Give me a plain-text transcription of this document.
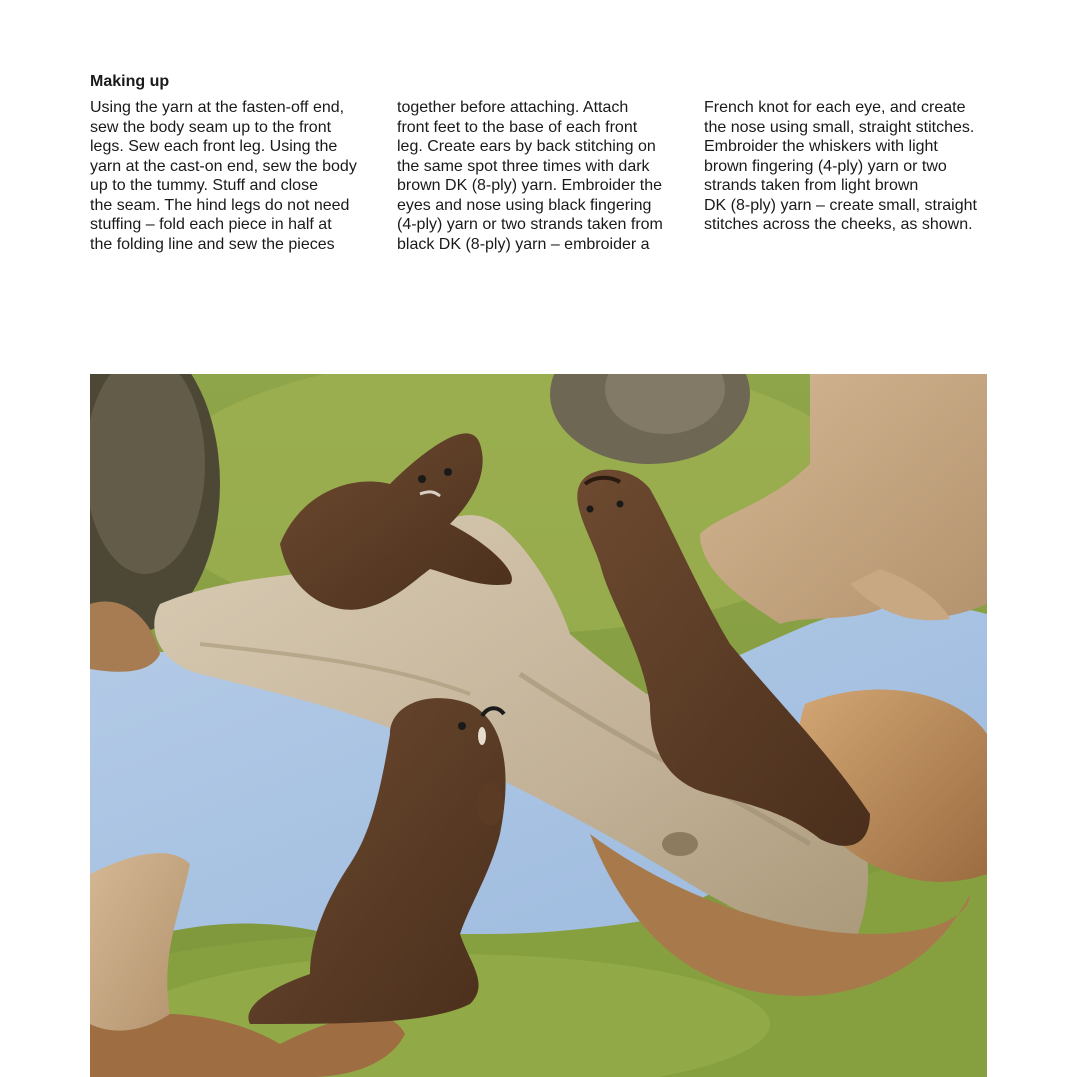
Making up
Using the yarn at the fasten-off end,
sew the body seam up to the front
legs. Sew each front leg. Using the
yarn at the cast-on end, sew the body
up to the tummy. Stuff and close
the seam. The hind legs do not need
stuffing – fold each piece in half at
the folding line and sew the pieces
together before attaching. Attach
front feet to the base of each front
leg. Create ears by back stitching on
the same spot three times with dark
brown DK (8-ply) yarn. Embroider the
eyes and nose using black fingering
(4-ply) yarn or two strands taken from
black DK (8-ply) yarn – embroider a
French knot for each eye, and create
the nose using small, straight stitches.
Embroider the whiskers with light
brown fingering (4-ply) yarn or two
strands taken from light brown
DK (8-ply) yarn – create small, straight
stitches across the cheeks, as shown.
